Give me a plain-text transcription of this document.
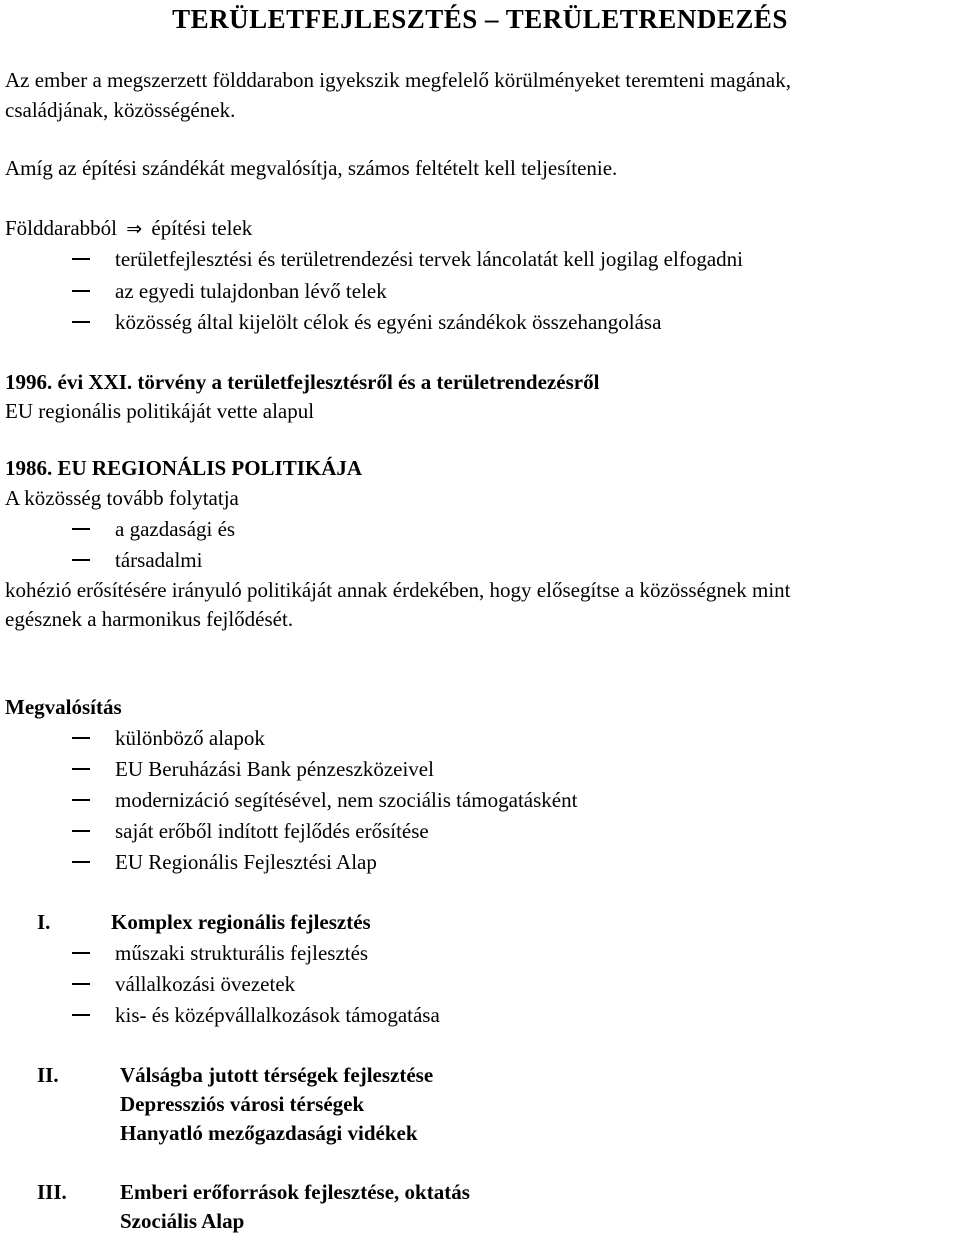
TERÜLETFEJLESZTÉS – TERÜLETRENDEZÉS
Az ember a megszerzett földdarabon igyekszik megfelelő körülményeket teremteni magának,
családjának, közösségének.
Amíg az építési szándékát megvalósítja, számos feltételt kell teljesítenie.
Földdarabból ⇒ építési telek
területfejlesztési és területrendezési tervek láncolatát kell jogilag elfogadni
az egyedi tulajdonban lévő telek
közösség által kijelölt célok és egyéni szándékok összehangolása
1996. évi XXI. törvény a területfejlesztésről és a területrendezésről
EU regionális politikáját vette alapul
1986. EU REGIONÁLIS POLITIKÁJA
A közösség tovább folytatja
a gazdasági és
társadalmi
kohézió erősítésére irányuló politikáját annak érdekében, hogy elősegítse a közösségnek mint
egésznek a harmonikus fejlődését.
Megvalósítás
különböző alapok
EU Beruházási Bank pénzeszközeivel
modernizáció segítésével, nem szociális támogatásként
saját erőből indított fejlődés erősítése
EU Regionális Fejlesztési Alap
I.	Komplex regionális fejlesztés
műszaki strukturális fejlesztés
vállalkozási övezetek
kis- és középvállalkozások támogatása
II.	Válságba jutott térségek fejlesztése
Depressziós városi térségek
Hanyatló mezőgazdasági vidékek
III.	Emberi erőforrások fejlesztése, oktatás
Szociális Alap
